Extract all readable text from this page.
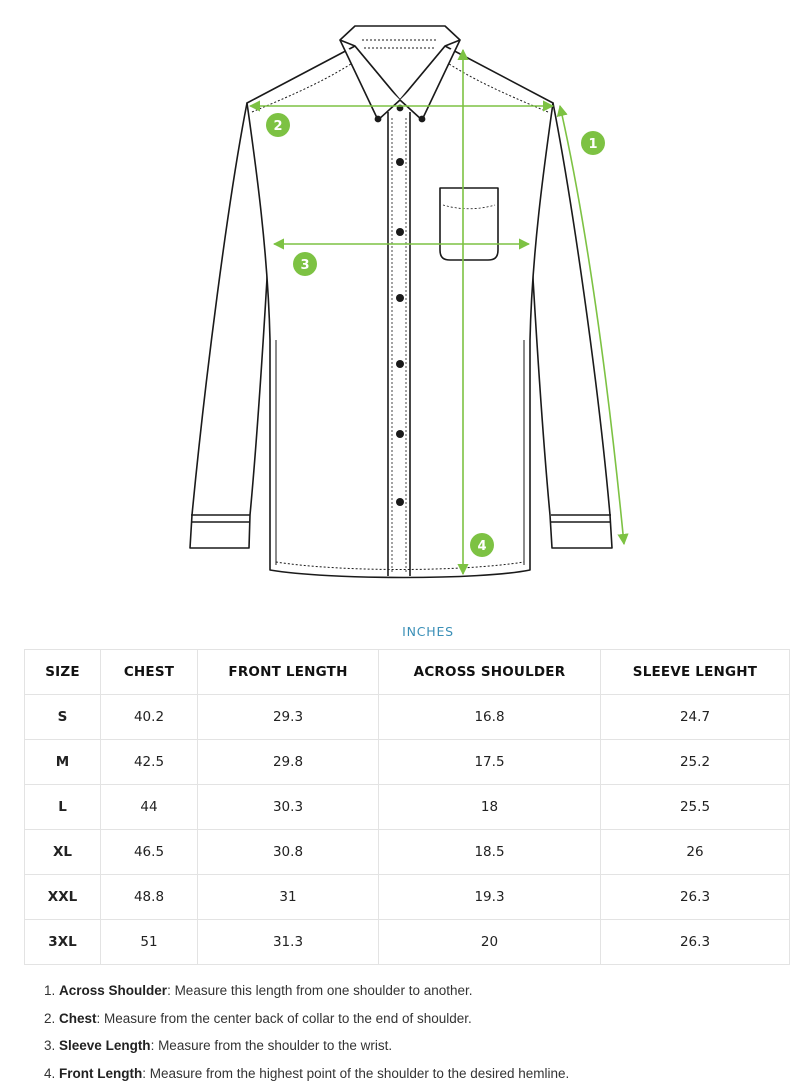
1
2
3
4
INCHES
SIZE	CHEST	FRONT LENGTH	ACROSS SHOULDER	SLEEVE LENGHT
S	40.2	29.3	16.8	24.7
M	42.5	29.8	17.5	25.2
L	44	30.3	18	25.5
XL	46.5	30.8	18.5	26
XXL	48.8	31	19.3	26.3
3XL	51	31.3	20	26.3
1. Across Shoulder: Measure this length from one shoulder to another.
2. Chest: Measure from the center back of collar to the end of shoulder.
3. Sleeve Length: Measure from the shoulder to the wrist.
4. Front Length: Measure from the highest point of the shoulder to the desired hemline.
